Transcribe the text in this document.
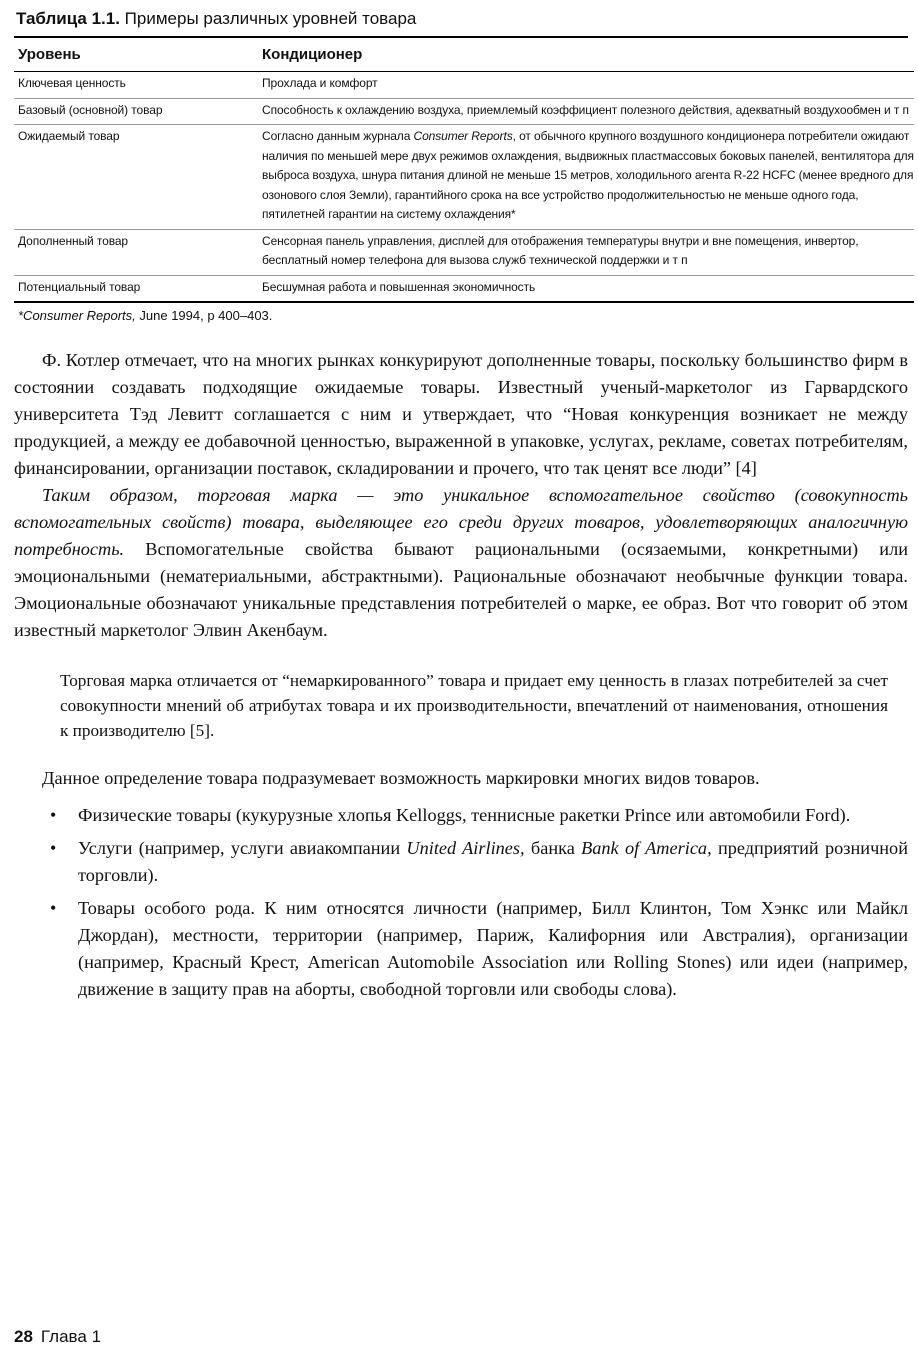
Таблица 1.1. Примеры различных уровней товара
Уровень	Кондиционер
Ключевая ценность	Прохлада и комфорт
Базовый (основной) товар	Способность к охлаждению воздуха, приемлемый коэффициент полезного действия, адекватный воздухообмен и т п
Ожидаемый товар	Согласно данным журнала Consumer Reports, от обычного крупного воздушного кондиционера потребители ожидают наличия по меньшей мере двух режимов охлаждения, выдвижных пластмассовых боковых панелей, вентилятора для выброса воздуха, шнура питания длиной не меньше 15 метров, холодильного агента R-22 HCFC (менее вредного для озонового слоя Земли), гарантийного срока на все устройство продолжительностью не меньше одного года, пятилетней гарантии на систему охлаждения*
Дополненный товар	Сенсорная панель управления, дисплей для отображения температуры внутри и вне помещения, инвертор, бесплатный номер телефона для вызова служб технической поддержки и т п
Потенциальный товар	Бесшумная работа и повышенная экономичность
*Consumer Reports, June 1994, p 400–403.

Ф. Котлер отмечает, что на многих рынках конкурируют дополненные товары, поскольку большинство фирм в состоянии создавать подходящие ожидаемые товары. Известный ученый-маркетолог из Гарвардского университета Тэд Левитт соглашается с ним и утверждает, что “Новая конкуренция возникает не между продукцией, а между ее добавочной ценностью, выраженной в упаковке, услугах, рекламе, советах потребителям, финансировании, организации поставок, складировании и прочего, что так ценят все люди” [4]

Таким образом, торговая марка — это уникальное вспомогательное свойство (совокупность вспомогательных свойств) товара, выделяющее его среди других товаров, удовлетворяющих аналогичную потребность. Вспомогательные свойства бывают рациональными (осязаемыми, конкретными) или эмоциональными (нематериальными, абстрактными). Рациональные обозначают необычные функции товара. Эмоциональные обозначают уникальные представления потребителей о марке, ее образ. Вот что говорит об этом известный маркетолог Элвин Акенбаум.

Торговая марка отличается от “немаркированного” товара и придает ему ценность в глазах потребителей за счет совокупности мнений об атрибутах товара и их производительности, впечатлений от наименования, отношения к производителю [5].

Данное определение товара подразумевает возможность маркировки многих видов товаров.

• Физические товары (кукурузные хлопья Kelloggs, теннисные ракетки Prince или автомобили Ford).
• Услуги (например, услуги авиакомпании United Airlines, банка Bank of America, предприятий розничной торговли).
• Товары особого рода. К ним относятся личности (например, Билл Клинтон, Том Хэнкс или Майкл Джордан), местности, территории (например, Париж, Калифорния или Австралия), организации (например, Красный Крест, American Automobile Association или Rolling Stones) или идеи (например, движение в защиту прав на аборты, свободной торговли или свободы слова).
28 Глава 1
